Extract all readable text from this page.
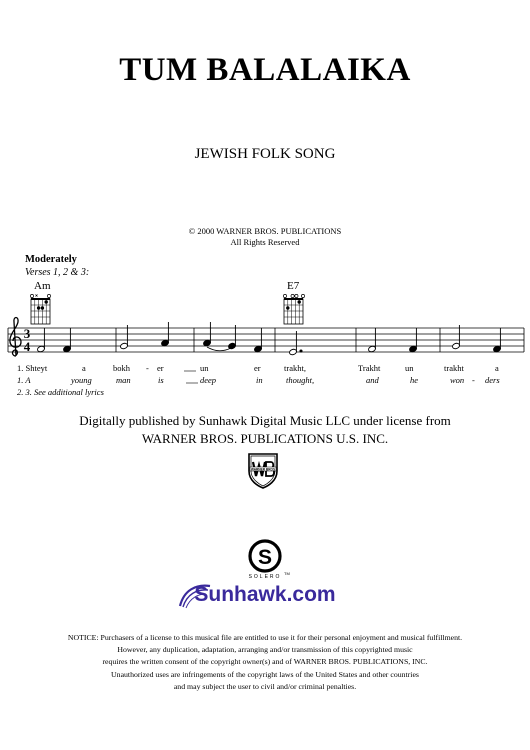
TUM BALALAIKA
JEWISH FOLK SONG
© 2000 WARNER BROS. PUBLICATIONS
All Rights Reserved
Moderately
Verses 1, 2 & 3:
Am	E7
3
4
1. Shteyt	a	bokh - er	un	er	trakht,	Trakht	un	trakht	a
1. A	young	man	is	deep	in	thought,	and	he	won - ders
2. 3. See additional lyrics
Digitally published by Sunhawk Digital Music LLC under license from
WARNER BROS. PUBLICATIONS U.S. INC.
WARNER BROS
S
TM
SOLERO
Sunhawk.com
NOTICE: Purchasers of a license to this musical file are entitled to use it for their personal enjoyment and musical fulfillment.
However, any duplication, adaptation, arranging and/or transmission of this copyrighted music
requires the written consent of the copyright owner(s) and of WARNER BROS. PUBLICATIONS, INC.
Unauthorized uses are infringements of the copyright laws of the United States and other countries
and may subject the user to civil and/or criminal penalties.
